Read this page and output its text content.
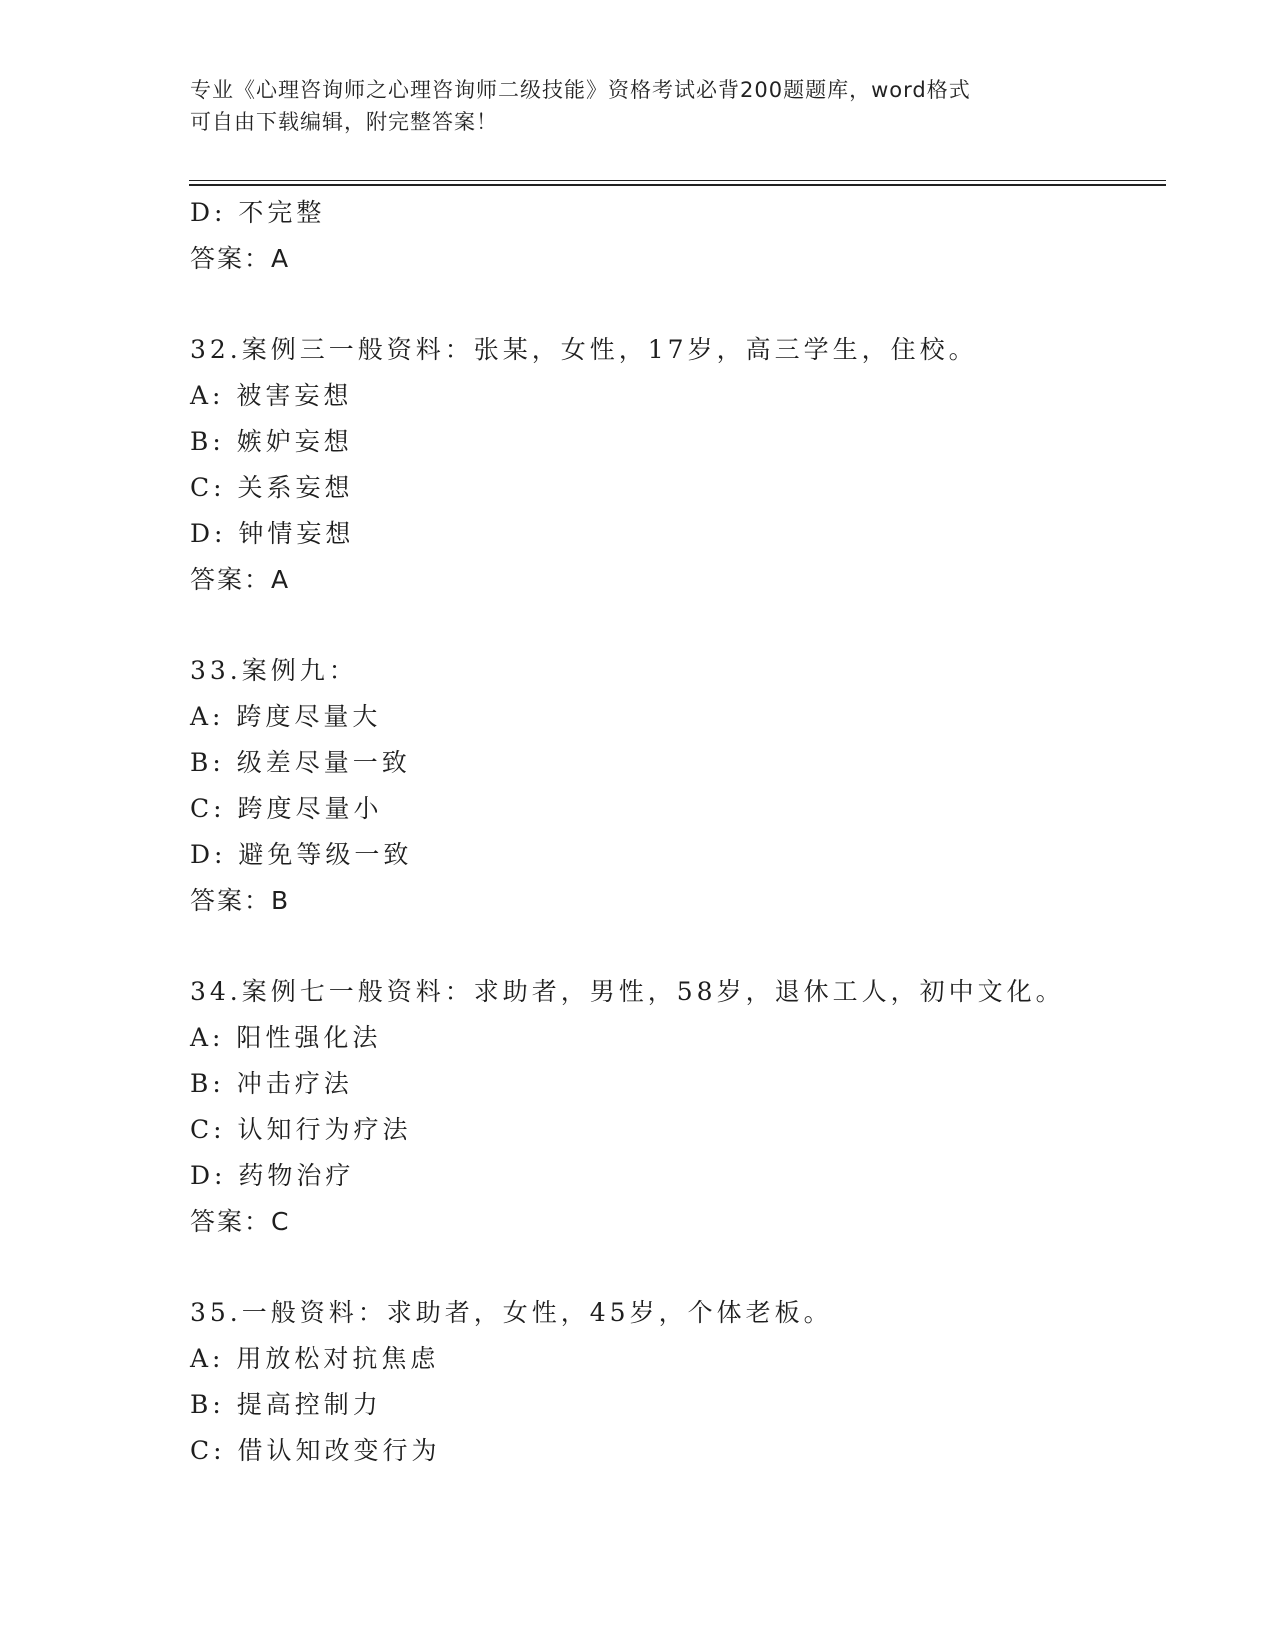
专业《心理咨询师之心理咨询师二级技能》资格考试必背200题题库，word格式
可自由下载编辑，附完整答案！
D: 不完整
答案：A
32.案例三一般资料：张某，女性，17岁，高三学生，住校。
A: 被害妄想
B: 嫉妒妄想
C: 关系妄想
D: 钟情妄想
答案：A
33.案例九：
A: 跨度尽量大
B: 级差尽量一致
C: 跨度尽量小
D: 避免等级一致
答案：B
34.案例七一般资料：求助者，男性，58岁，退休工人，初中文化。
A: 阳性强化法
B: 冲击疗法
C: 认知行为疗法
D: 药物治疗
答案：C
35.一般资料：求助者，女性，45岁，个体老板。
A: 用放松对抗焦虑
B: 提高控制力
C: 借认知改变行为
